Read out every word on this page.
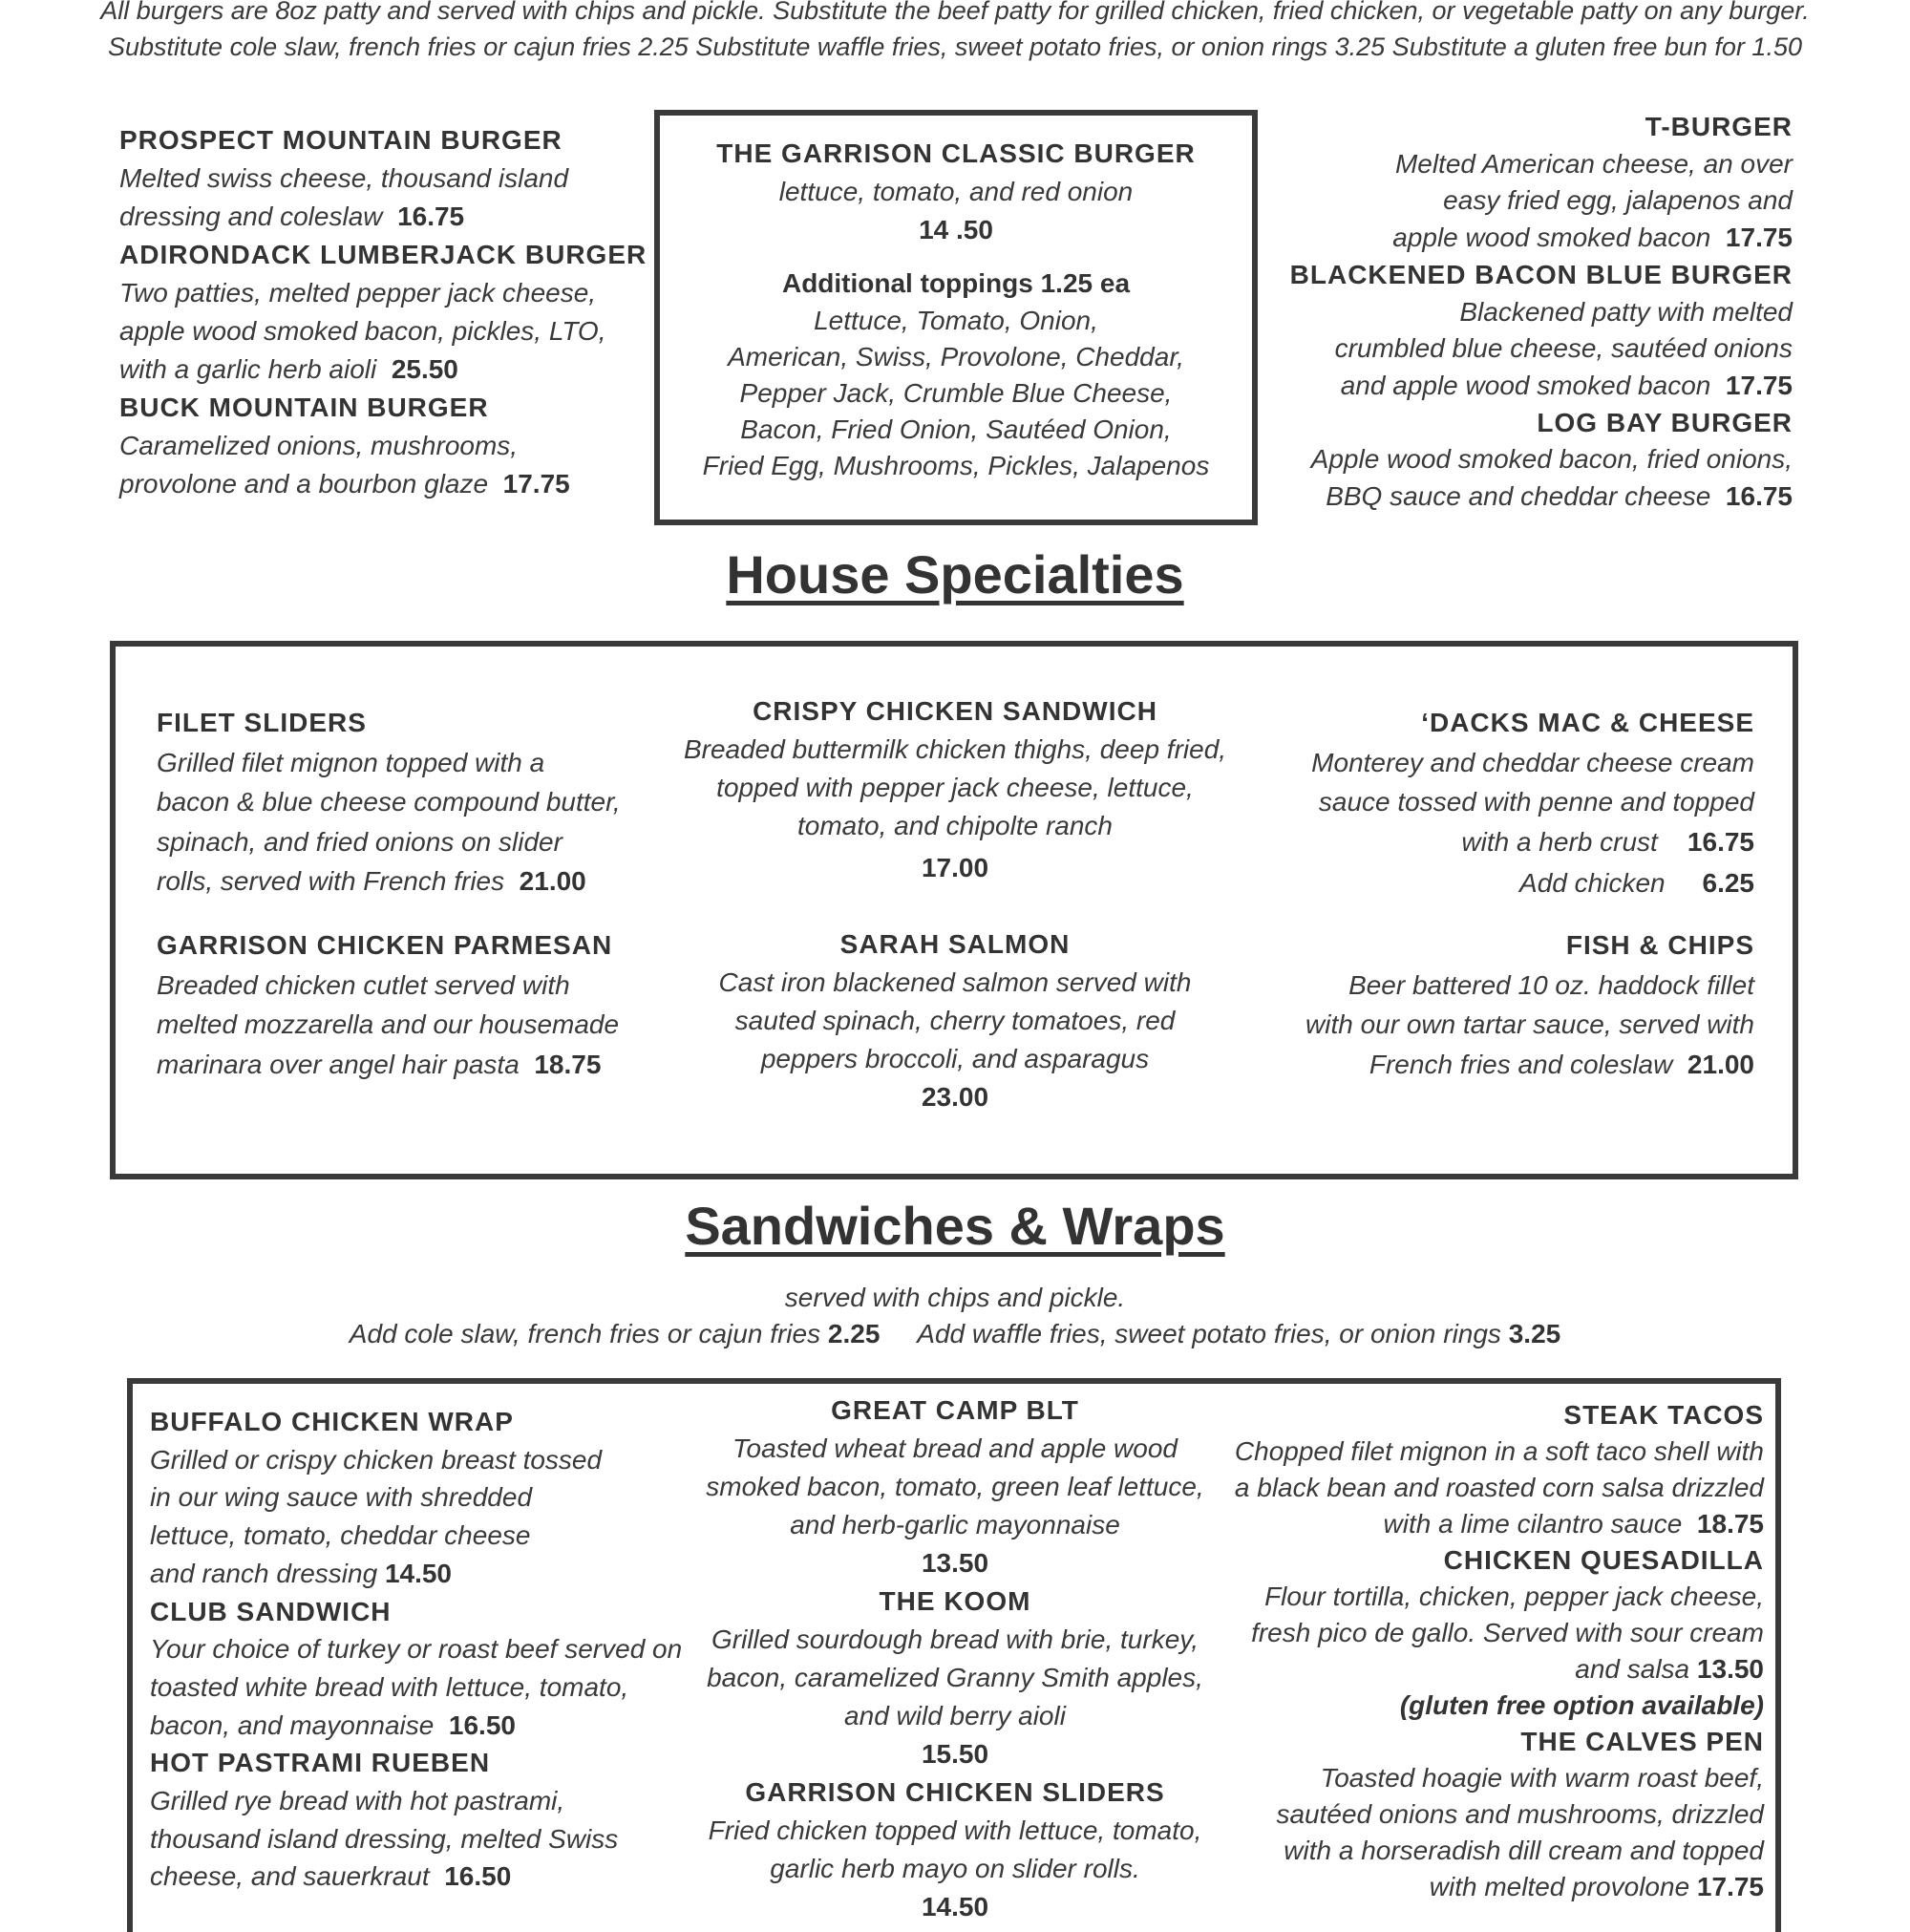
All burgers are 8oz patty and served with chips and pickle. Substitute the beef patty for grilled chicken, fried chicken, or vegetable patty on any burger.
Substitute cole slaw, french fries or cajun fries 2.25 Substitute waffle fries, sweet potato fries, or onion rings 3.25 Substitute a gluten free bun for 1.50
PROSPECT MOUNTAIN BURGER
Melted swiss cheese, thousand island
dressing and coleslaw 16.75
ADIRONDACK LUMBERJACK BURGER
Two patties, melted pepper jack cheese,
apple wood smoked bacon, pickles, LTO,
with a garlic herb aioli 25.50
BUCK MOUNTAIN BURGER
Caramelized onions, mushrooms,
provolone and a bourbon glaze 17.75
THE GARRISON CLASSIC BURGER
lettuce, tomato, and red onion
14 .50
Additional toppings 1.25 ea
Lettuce, Tomato, Onion,
American, Swiss, Provolone, Cheddar,
Pepper Jack, Crumble Blue Cheese,
Bacon, Fried Onion, Sautéed Onion,
Fried Egg, Mushrooms, Pickles, Jalapenos
T-BURGER
Melted American cheese, an over
easy fried egg, jalapenos and
apple wood smoked bacon 17.75
BLACKENED BACON BLUE BURGER
Blackened patty with melted
crumbled blue cheese, sautéed onions
and apple wood smoked bacon 17.75
LOG BAY BURGER
Apple wood smoked bacon, fried onions,
BBQ sauce and cheddar cheese 16.75
House Specialties
FILET SLIDERS
Grilled filet mignon topped with a
bacon & blue cheese compound butter,
spinach, and fried onions on slider
rolls, served with French fries 21.00
GARRISON CHICKEN PARMESAN
Breaded chicken cutlet served with
melted mozzarella and our housemade
marinara over angel hair pasta 18.75
CRISPY CHICKEN SANDWICH
Breaded buttermilk chicken thighs, deep fried,
topped with pepper jack cheese, lettuce,
tomato, and chipolte ranch
17.00
SARAH SALMON
Cast iron blackened salmon served with
sauted spinach, cherry tomatoes, red
peppers broccoli, and asparagus
23.00
‘DACKS MAC & CHEESE
Monterey and cheddar cheese cream
sauce tossed with penne and topped
with a herb crust 16.75
Add chicken 6.25
FISH & CHIPS
Beer battered 10 oz. haddock fillet
with our own tartar sauce, served with
French fries and coleslaw 21.00
Sandwiches & Wraps
served with chips and pickle.
Add cole slaw, french fries or cajun fries 2.25 Add waffle fries, sweet potato fries, or onion rings 3.25
BUFFALO CHICKEN WRAP
Grilled or crispy chicken breast tossed
in our wing sauce with shredded
lettuce, tomato, cheddar cheese
and ranch dressing 14.50
CLUB SANDWICH
Your choice of turkey or roast beef served on
toasted white bread with lettuce, tomato,
bacon, and mayonnaise 16.50
HOT PASTRAMI RUEBEN
Grilled rye bread with hot pastrami,
thousand island dressing, melted Swiss
cheese, and sauerkraut 16.50
GREAT CAMP BLT
Toasted wheat bread and apple wood
smoked bacon, tomato, green leaf lettuce,
and herb-garlic mayonnaise
13.50
THE KOOM
Grilled sourdough bread with brie, turkey,
bacon, caramelized Granny Smith apples,
and wild berry aioli
15.50
GARRISON CHICKEN SLIDERS
Fried chicken topped with lettuce, tomato,
garlic herb mayo on slider rolls.
14.50
STEAK TACOS
Chopped filet mignon in a soft taco shell with
a black bean and roasted corn salsa drizzled
with a lime cilantro sauce 18.75
CHICKEN QUESADILLA
Flour tortilla, chicken, pepper jack cheese,
fresh pico de gallo. Served with sour cream
and salsa 13.50
(gluten free option available)
THE CALVES PEN
Toasted hoagie with warm roast beef,
sautéed onions and mushrooms, drizzled
with a horseradish dill cream and topped
with melted provolone 17.75
